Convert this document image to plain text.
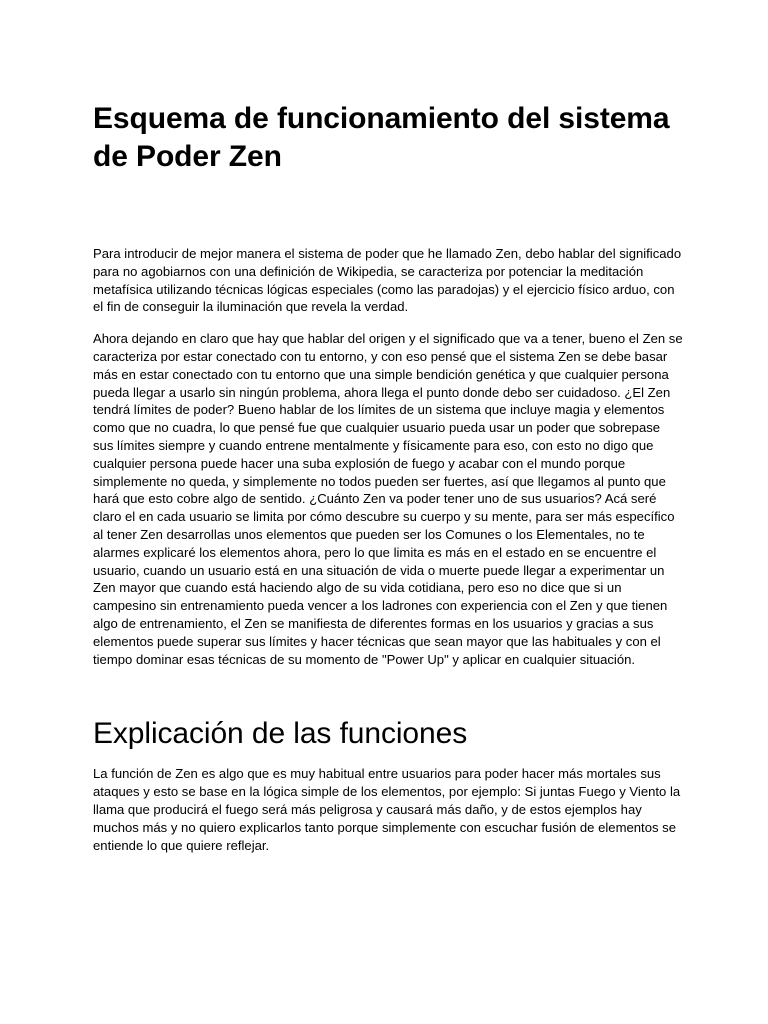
Esquema de funcionamiento del sistema de Poder Zen

Para introducir de mejor manera el sistema de poder que he llamado Zen, debo hablar del significado para no agobiarnos con una definición de Wikipedia, se caracteriza por potenciar la meditación metafísica utilizando técnicas lógicas especiales (como las paradojas) y el ejercicio físico arduo, con el fin de conseguir la iluminación que revela la verdad.

Ahora dejando en claro que hay que hablar del origen y el significado que va a tener, bueno el Zen se caracteriza por estar conectado con tu entorno, y con eso pensé que el sistema Zen se debe basar más en estar conectado con tu entorno que una simple bendición genética y que cualquier persona pueda llegar a usarlo sin ningún problema, ahora llega el punto donde debo ser cuidadoso. ¿El Zen tendrá límites de poder? Bueno hablar de los límites de un sistema que incluye magia y elementos como que no cuadra, lo que pensé fue que cualquier usuario pueda usar un poder que sobrepase sus límites siempre y cuando entrene mentalmente y físicamente para eso, con esto no digo que cualquier persona puede hacer una suba explosión de fuego y acabar con el mundo porque simplemente no queda, y simplemente no todos pueden ser fuertes, así que llegamos al punto que hará que esto cobre algo de sentido. ¿Cuánto Zen va poder tener uno de sus usuarios? Acá seré claro el en cada usuario se limita por cómo descubre su cuerpo y su mente, para ser más específico al tener Zen desarrollas unos elementos que pueden ser los Comunes o los Elementales, no te alarmes explicaré los elementos ahora, pero lo que limita es más en el estado en se encuentre el usuario, cuando un usuario está en una situación de vida o muerte puede llegar a experimentar un Zen mayor que cuando está haciendo algo de su vida cotidiana, pero eso no dice que si un campesino sin entrenamiento pueda vencer a los ladrones con experiencia con el Zen y que tienen algo de entrenamiento, el Zen se manifiesta de diferentes formas en los usuarios y gracias a sus elementos puede superar sus límites y hacer técnicas que sean mayor que las habituales y con el tiempo dominar esas técnicas de su momento de "Power Up" y aplicar en cualquier situación.

Explicación de las funciones

La función de Zen es algo que es muy habitual entre usuarios para poder hacer más mortales sus ataques y esto se base en la lógica simple de los elementos, por ejemplo: Si juntas Fuego y Viento la llama que producirá el fuego será más peligrosa y causará más daño, y de estos ejemplos hay muchos más y no quiero explicarlos tanto porque simplemente con escuchar fusión de elementos se entiende lo que quiere reflejar.
